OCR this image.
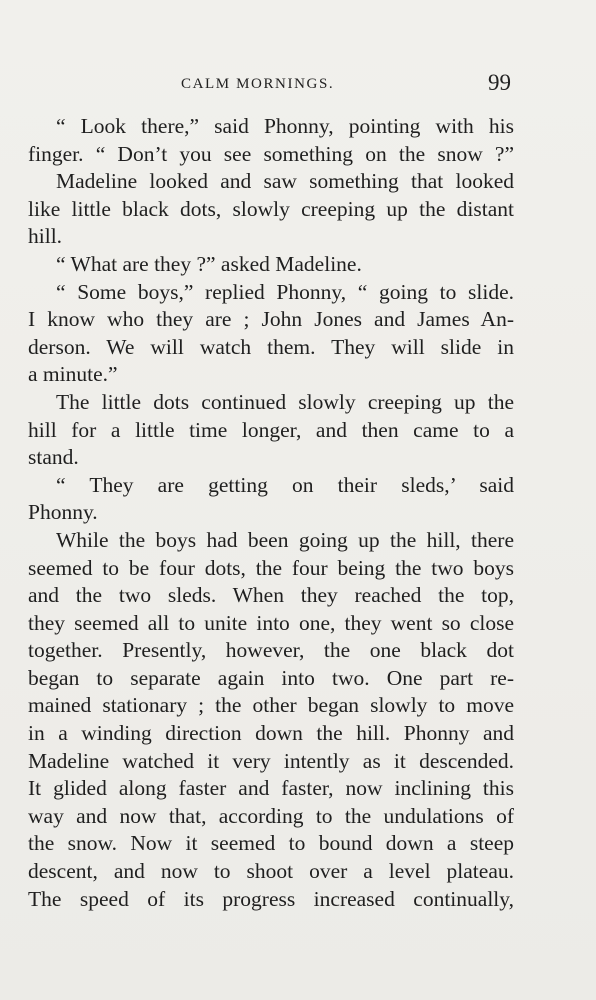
CALM MORNINGS.	99
“ Look there,” said Phonny, pointing with his
finger. “ Don’t you see something on the snow ?”
Madeline looked and saw something that looked
like little black dots, slowly creeping up the distant
hill.
“ What are they ?” asked Madeline.
“ Some boys,” replied Phonny, “ going to slide.
I know who they are ; John Jones and James An-
derson. We will watch them. They will slide in
a minute.”
The little dots continued slowly creeping up the
hill for a little time longer, and then came to a
stand.
“ They are getting on their sleds,’ said
Phonny.
While the boys had been going up the hill, there
seemed to be four dots, the four being the two boys
and the two sleds. When they reached the top,
they seemed all to unite into one, they went so close
together. Presently, however, the one black dot
began to separate again into two. One part re-
mained stationary ; the other began slowly to move
in a winding direction down the hill. Phonny and
Madeline watched it very intently as it descended.
It glided along faster and faster, now inclining this
way and now that, according to the undulations of
the snow. Now it seemed to bound down a steep
descent, and now to shoot over a level plateau.
The speed of its progress increased continually,
